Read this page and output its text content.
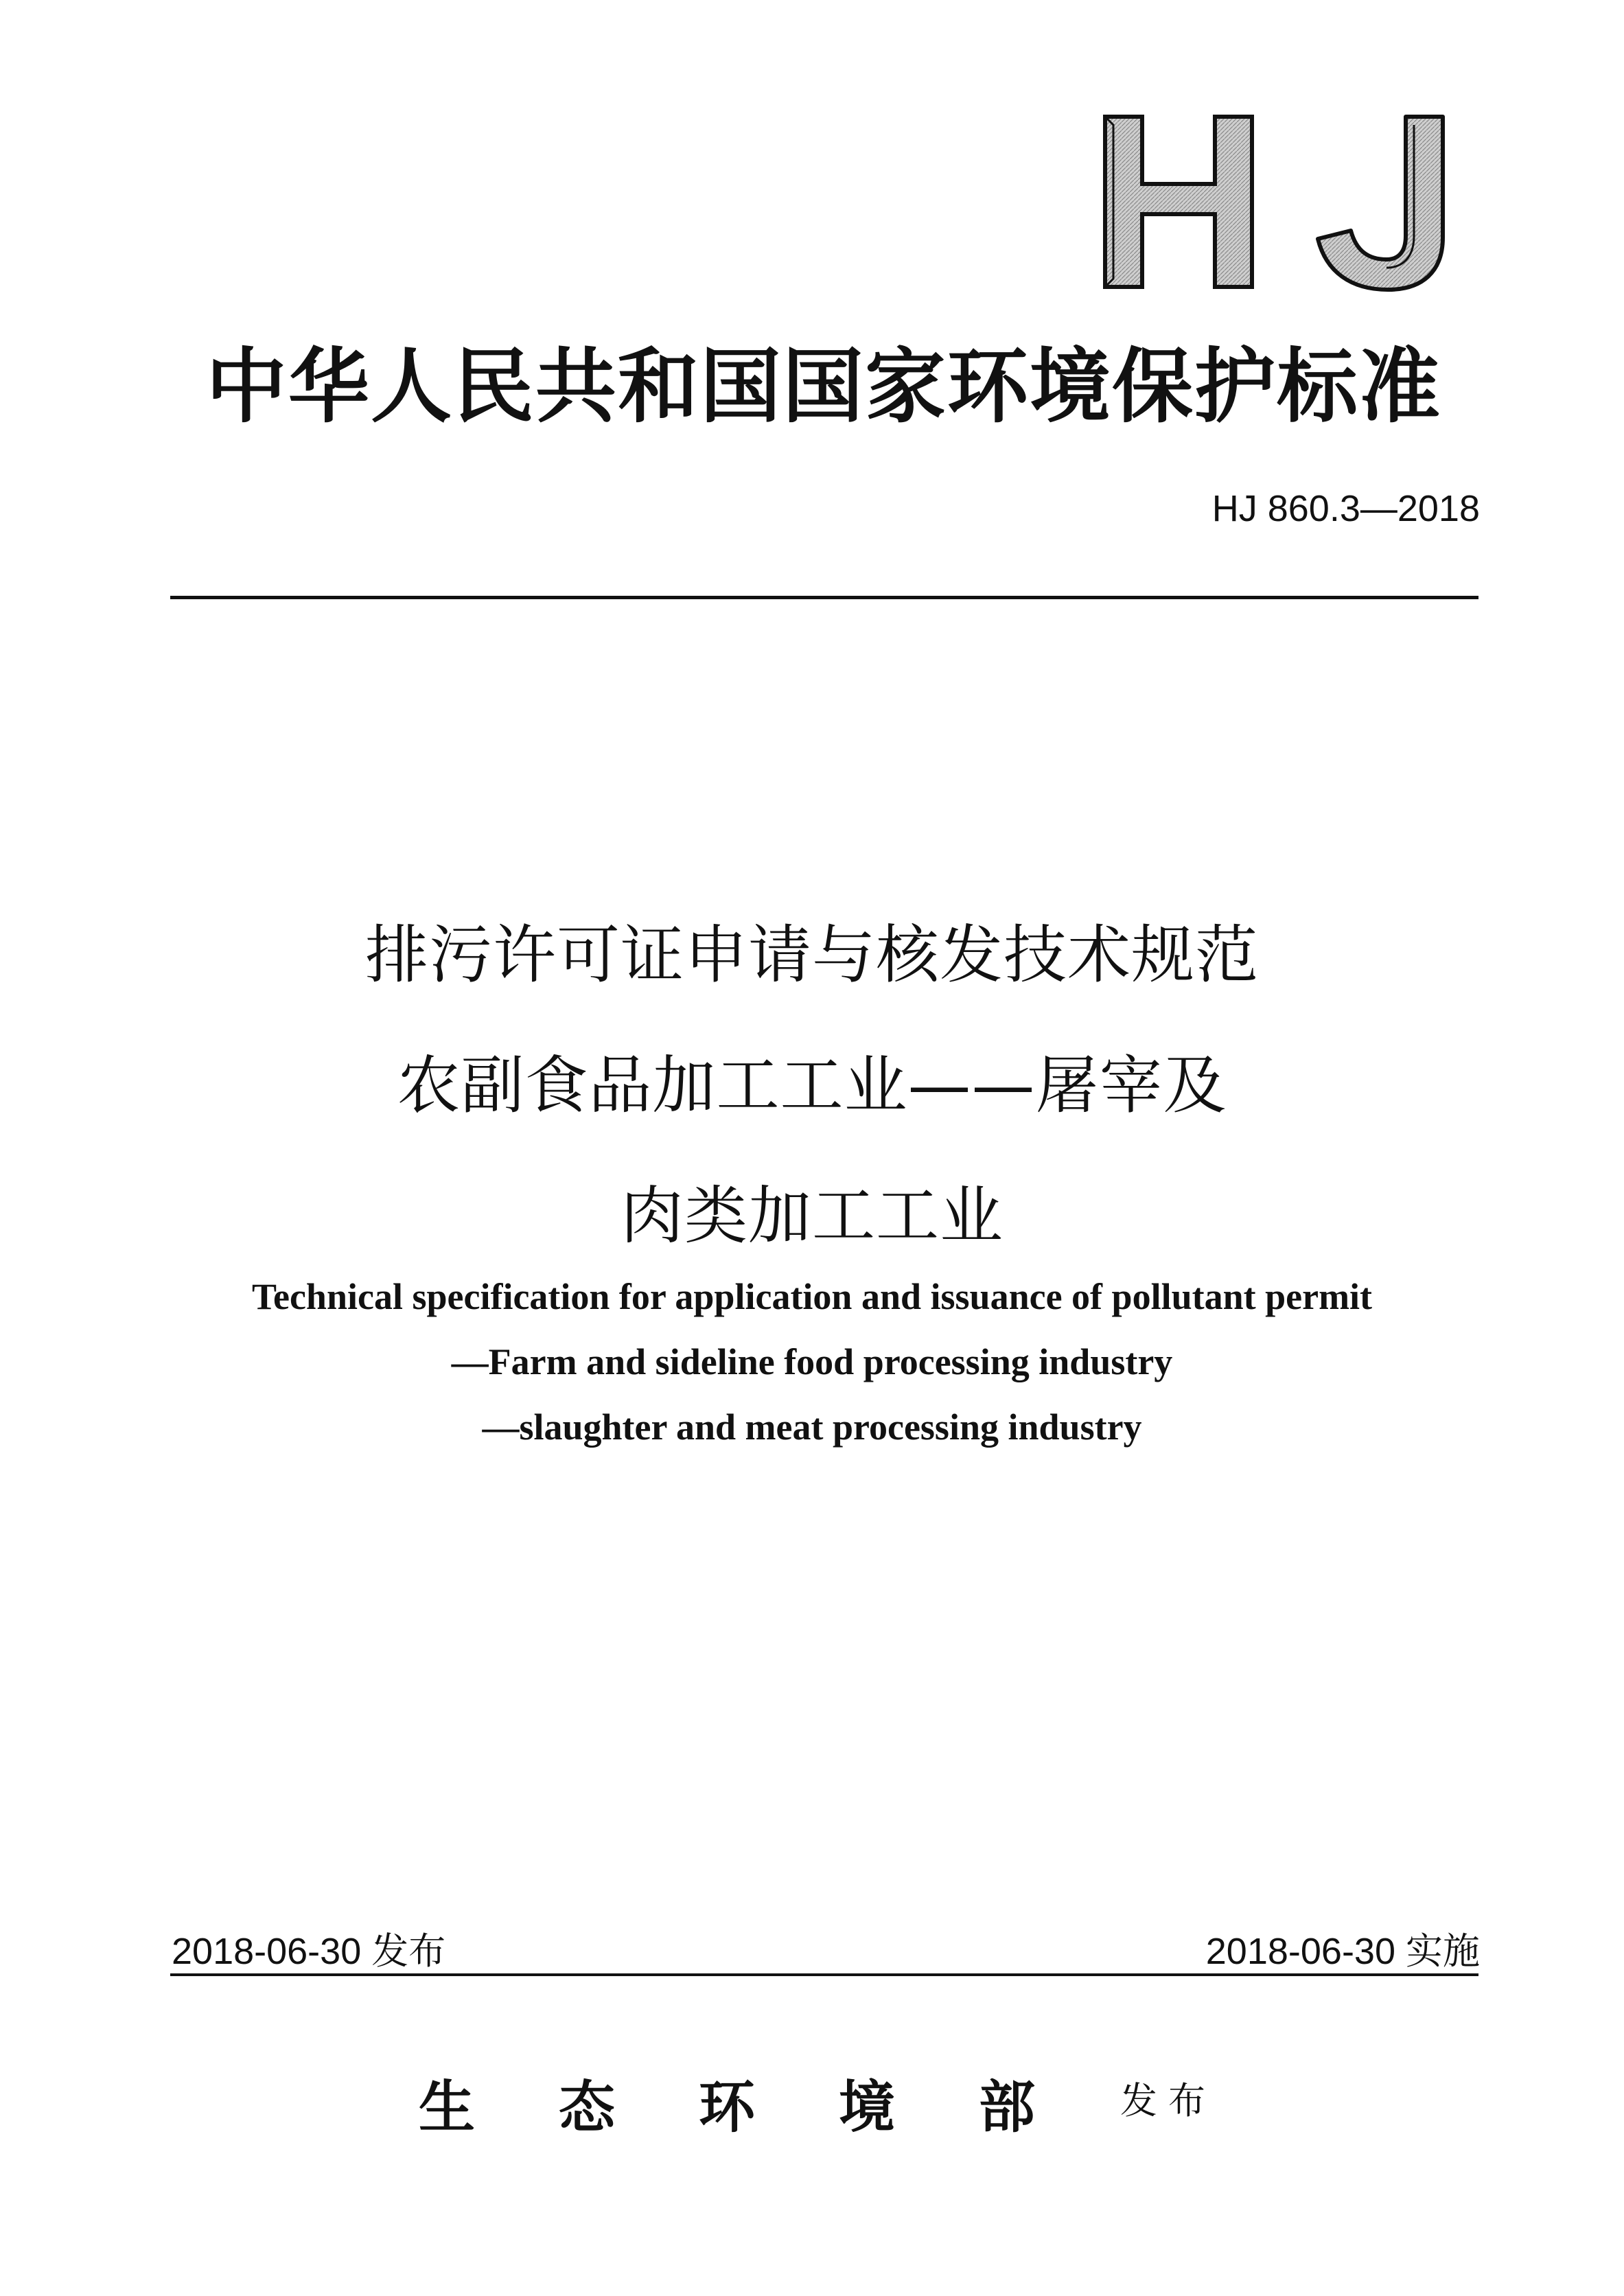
中华人民共和国国家环境保护标准
HJ 860.3—2018
排污许可证申请与核发技术规范
农副食品加工工业——屠宰及
肉类加工工业
Technical specification for application and issuance of pollutant permit
—Farm and sideline food processing industry
—slaughter and meat processing industry
2018-06-30 发布	2018-06-30 实施
生态环境部 发布
